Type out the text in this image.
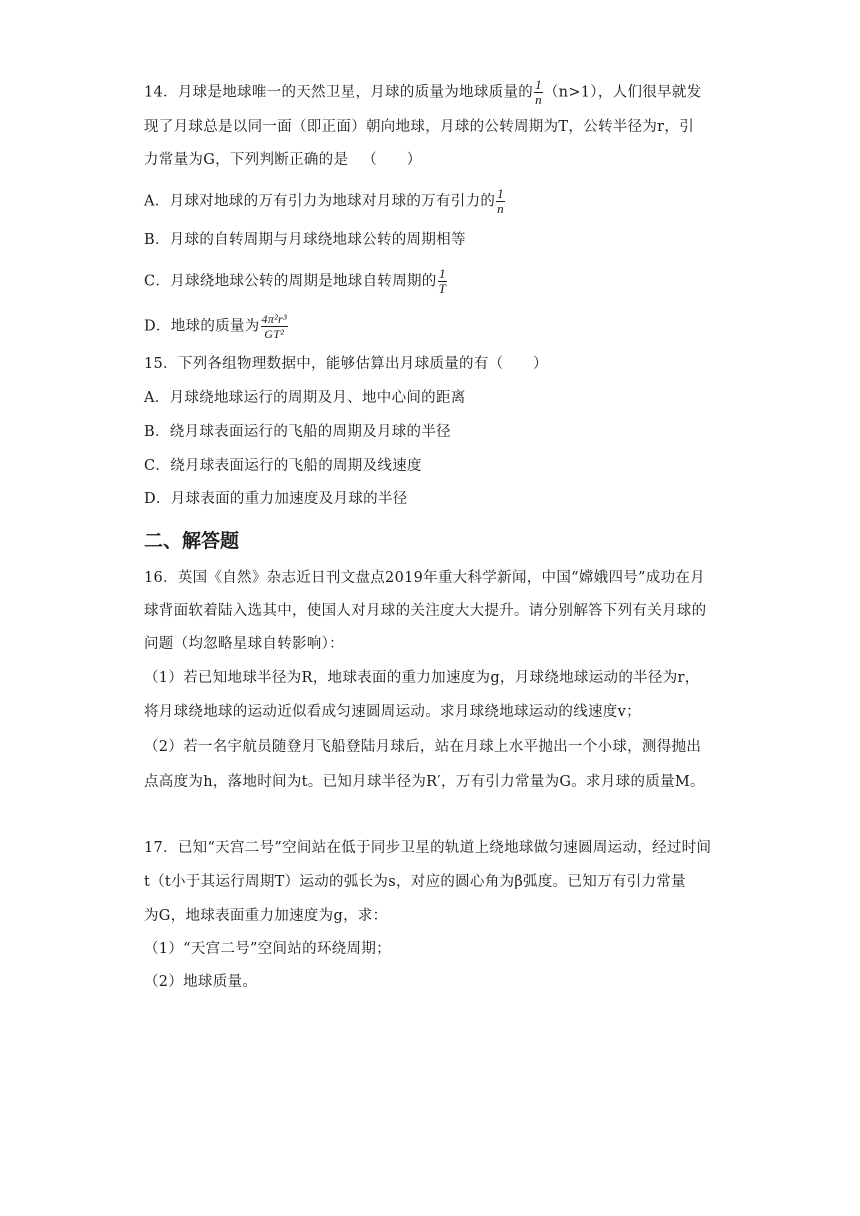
14．月球是地球唯一的天然卫星，月球的质量为地球质量的 $\frac{1}{n} (n>1)$，人们很早就发
现了月球总是以同一面（即正面）朝向地球，月球的公转周期为T，公转半径为r，引
力常量为G，下列判断正确的是 （　　）
A．月球对地球的万有引力为地球对月球的万有引力的 $\frac{1}{n}$
B．月球的自转周期与月球绕地球公转的周期相等
C．月球绕地球公转的周期是地球自转周期的 $\frac{1}{T}$
D．地球的质量为 $\frac{\text{4π²r³}}{\text{GT²}}$
15．下列各组物理数据中，能够估算出月球质量的有（　　）
A．月球绕地球运行的周期及月、地中心间的距离
B．绕月球表面运行的飞船的周期及月球的半径
C．绕月球表面运行的飞船的周期及线速度
D．月球表面的重力加速度及月球的半径
二、解答题
16．英国《自然》杂志近日刊文盘点2019年重大科学新闻，中国“嫦娥四号”成功在月
球背面软着陆入选其中，使国人对月球的关注度大大提升。请分别解答下列有关月球的
问题（均忽略星球自转影响）：
（1）若已知地球半径为R，地球表面的重力加速度为g，月球绕地球运动的半径为r，
将月球绕地球的运动近似看成匀速圆周运动。求月球绕地球运动的线速度v；
（2）若一名宇航员随登月飞船登陆月球后，站在月球上水平抛出一个小球，测得抛出
点高度为h，落地时间为t。已知月球半径为R′，万有引力常量为G。求月球的质量M。
17．已知“天宫二号”空间站在低于同步卫星的轨道上绕地球做匀速圆周运动，经过时间
t（t小于其运行周期T）运动的弧长为s，对应的圆心角为β弧度。已知万有引力常量
为G，地球表面重力加速度为g，求：
（1）“天宫二号”空间站的环绕周期；
（2）地球质量。
